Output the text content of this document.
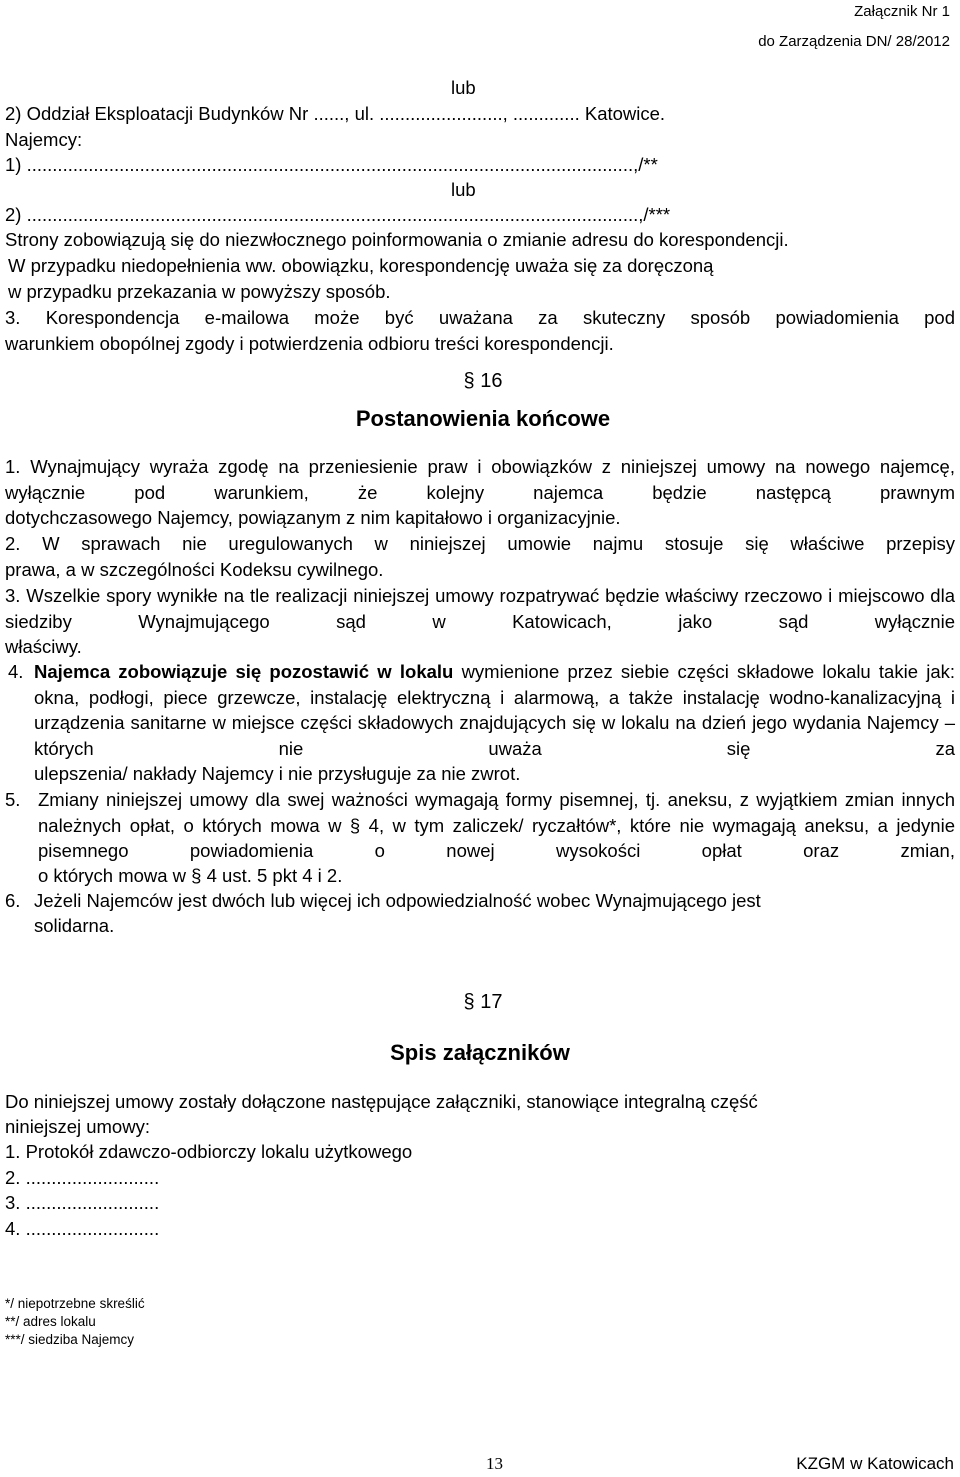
Załącznik Nr 1
do Zarządzenia DN/ 28/2012
lub
2) Oddział Eksploatacji Budynków Nr ......, ul. ........................, ............. Katowice.
Najemcy:
1) ......................................................................................................................,/**
lub
2) .......................................................................................................................,/***
Strony zobowiązują się do niezwłocznego poinformowania o zmianie adresu do korespondencji.
W przypadku niedopełnienia ww. obowiązku, korespondencję uważa się za doręczoną
w przypadku przekazania w powyższy sposób.
3. Korespondencja e-mailowa może być uważana za skuteczny sposób powiadomienia pod
warunkiem obopólnej zgody i potwierdzenia odbioru treści korespondencji.
§ 16
Postanowienia końcowe
1. Wynajmujący wyraża zgodę na przeniesienie praw i obowiązków z niniejszej umowy na nowego najemcę, wyłącznie pod warunkiem, że kolejny najemca będzie następcą prawnym
dotychczasowego Najemcy, powiązanym z nim kapitałowo i organizacyjnie.
2. W sprawach nie uregulowanych w niniejszej umowie najmu stosuje się właściwe przepisy
prawa, a w szczególności Kodeksu cywilnego.
3. Wszelkie spory wynikłe na tle realizacji niniejszej umowy rozpatrywać będzie właściwy rzeczowo i miejscowo dla siedziby Wynajmującego sąd w Katowicach, jako sąd wyłącznie
właściwy.
4. Najemca zobowiązuje się pozostawić w lokalu wymienione przez siebie części składowe lokalu takie jak: okna, podłogi, piece grzewcze, instalację elektryczną i alarmową, a także instalację wodno-kanalizacyjną i urządzenia sanitarne w miejsce części składowych znajdujących się w lokalu na dzień jego wydania Najemcy – których nie uważa się za
ulepszenia/ nakłady Najemcy i nie przysługuje za nie zwrot.
5. Zmiany niniejszej umowy dla swej ważności wymagają formy pisemnej, tj. aneksu, z wyjątkiem zmian innych należnych opłat, o których mowa w § 4, w tym zaliczek/ ryczałtów*, które nie wymagają aneksu, a jedynie pisemnego powiadomienia o nowej wysokości opłat oraz zmian,
o których mowa w § 4 ust. 5 pkt 4 i 2.
6. Jeżeli Najemców jest dwóch lub więcej ich odpowiedzialność wobec Wynajmującego jest
solidarna.
§ 17
Spis załączników
Do niniejszej umowy zostały dołączone następujące załączniki, stanowiące integralną część
niniejszej umowy:
1. Protokół zdawczo-odbiorczy lokalu użytkowego
2. ..........................
3. ..........................
4. ..........................
*/ niepotrzebne skreślić
**/ adres lokalu
***/ siedziba Najemcy
13	KZGM w Katowicach
